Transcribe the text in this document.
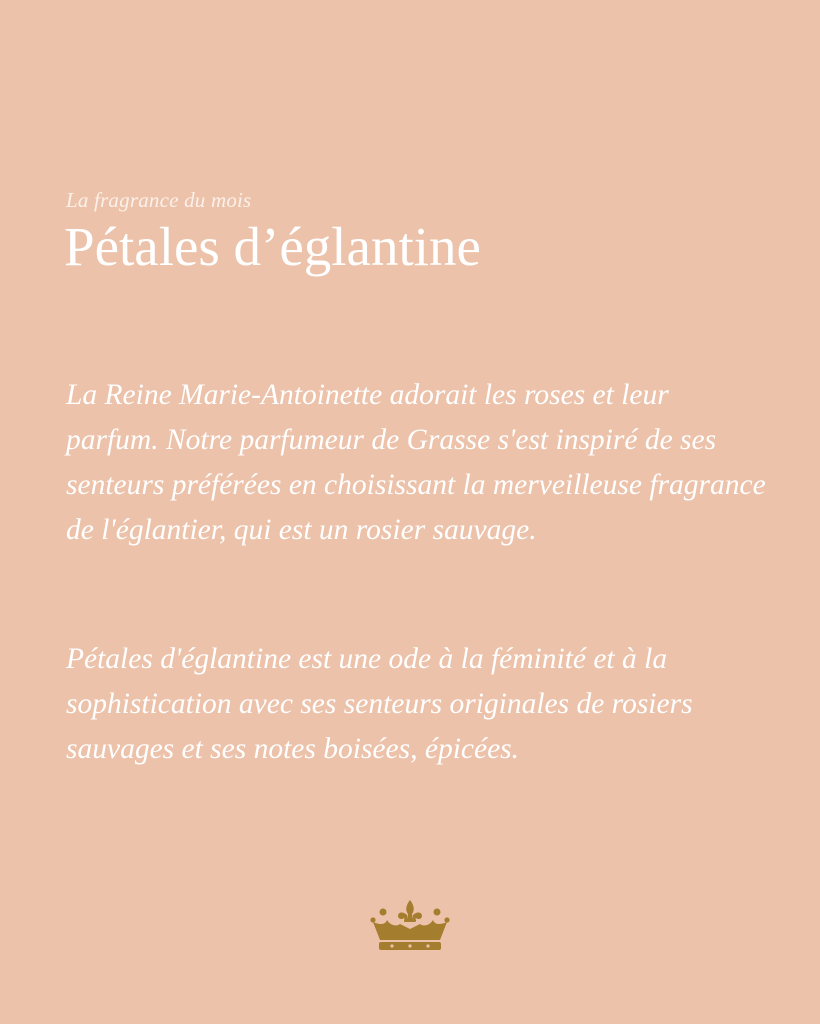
La fragrance du mois
Pétales d’églantine

La Reine Marie-Antoinette adorait les roses et leur parfum. Notre parfumeur de Grasse s'est inspiré de ses senteurs préférées en choisissant la merveilleuse fragrance de l'églantier, qui est un rosier sauvage.

Pétales d'églantine est une ode à la féminité et à la sophistication avec ses senteurs originales de rosiers sauvages et ses notes boisées, épicées.
